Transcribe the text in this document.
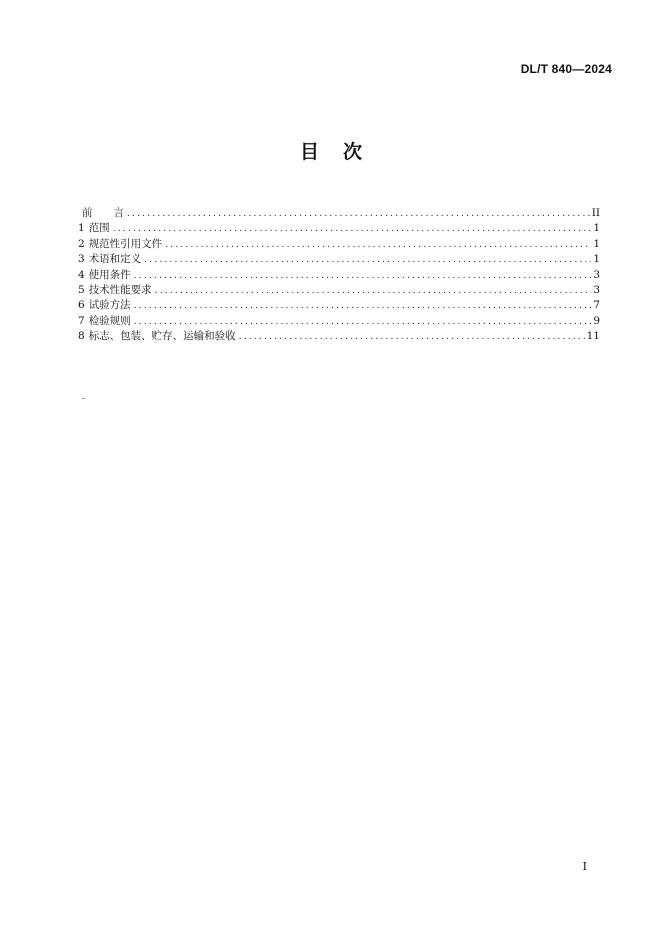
DL/T 840—2024
目 次
前　　言 .....	II
1 范围 .....	1
2 规范性引用文件 .....	1
3 术语和定义 .....	1
4 使用条件 .....	3
5 技术性能要求 .....	3
6 试验方法 .....	7
7 检验规则 .....	9
8 标志、包装、贮存、运输和验收 .....	11
I
